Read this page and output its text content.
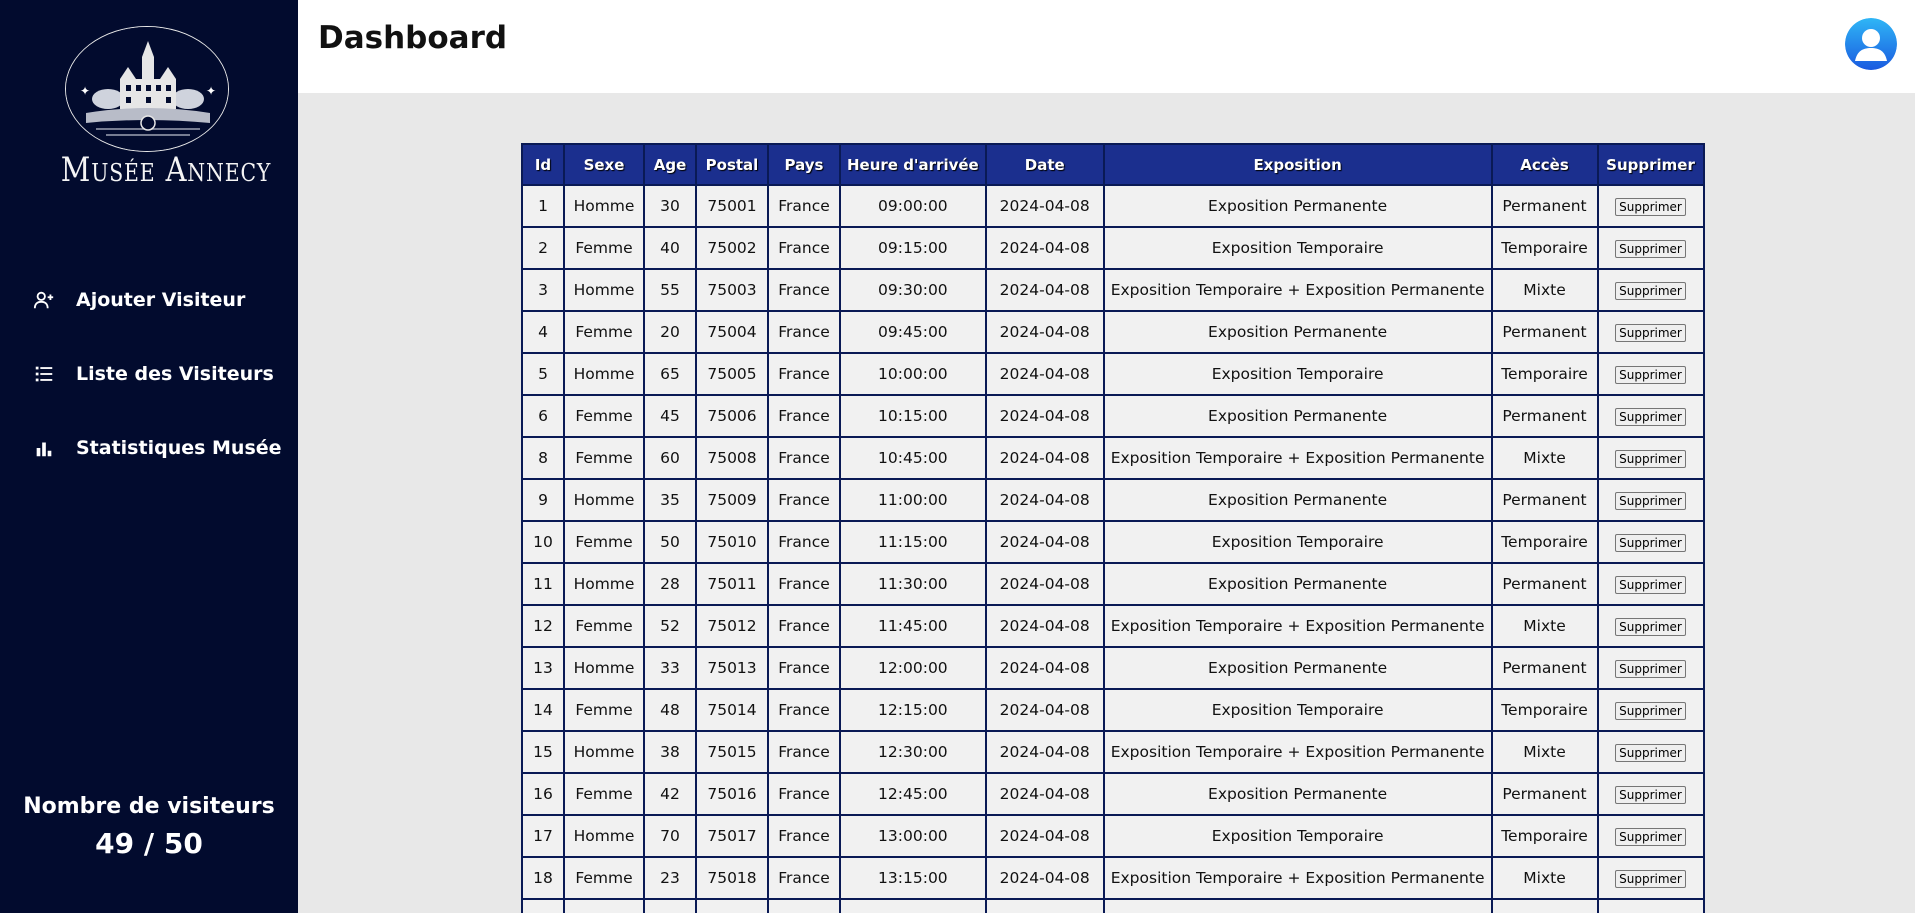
✦	✦
Musée Annecy
Ajouter Visiteur
Liste des Visiteurs
Statistiques Musée
Nombre de visiteurs
49 / 50
Dashboard
Id	Sexe	Age	Postal	Pays	Heure d'arrivée	Date	Exposition	Accès	Supprimer
1	Homme	30	75001	France	09:00:00	2024-04-08	Exposition Permanente	Permanent	Supprimer
2	Femme	40	75002	France	09:15:00	2024-04-08	Exposition Temporaire	Temporaire	Supprimer
3	Homme	55	75003	France	09:30:00	2024-04-08	Exposition Temporaire + Exposition Permanente	Mixte	Supprimer
4	Femme	20	75004	France	09:45:00	2024-04-08	Exposition Permanente	Permanent	Supprimer
5	Homme	65	75005	France	10:00:00	2024-04-08	Exposition Temporaire	Temporaire	Supprimer
6	Femme	45	75006	France	10:15:00	2024-04-08	Exposition Permanente	Permanent	Supprimer
8	Femme	60	75008	France	10:45:00	2024-04-08	Exposition Temporaire + Exposition Permanente	Mixte	Supprimer
9	Homme	35	75009	France	11:00:00	2024-04-08	Exposition Permanente	Permanent	Supprimer
10	Femme	50	75010	France	11:15:00	2024-04-08	Exposition Temporaire	Temporaire	Supprimer
11	Homme	28	75011	France	11:30:00	2024-04-08	Exposition Permanente	Permanent	Supprimer
12	Femme	52	75012	France	11:45:00	2024-04-08	Exposition Temporaire + Exposition Permanente	Mixte	Supprimer
13	Homme	33	75013	France	12:00:00	2024-04-08	Exposition Permanente	Permanent	Supprimer
14	Femme	48	75014	France	12:15:00	2024-04-08	Exposition Temporaire	Temporaire	Supprimer
15	Homme	38	75015	France	12:30:00	2024-04-08	Exposition Temporaire + Exposition Permanente	Mixte	Supprimer
16	Femme	42	75016	France	12:45:00	2024-04-08	Exposition Permanente	Permanent	Supprimer
17	Homme	70	75017	France	13:00:00	2024-04-08	Exposition Temporaire	Temporaire	Supprimer
18	Femme	23	75018	France	13:15:00	2024-04-08	Exposition Temporaire + Exposition Permanente	Mixte	Supprimer
